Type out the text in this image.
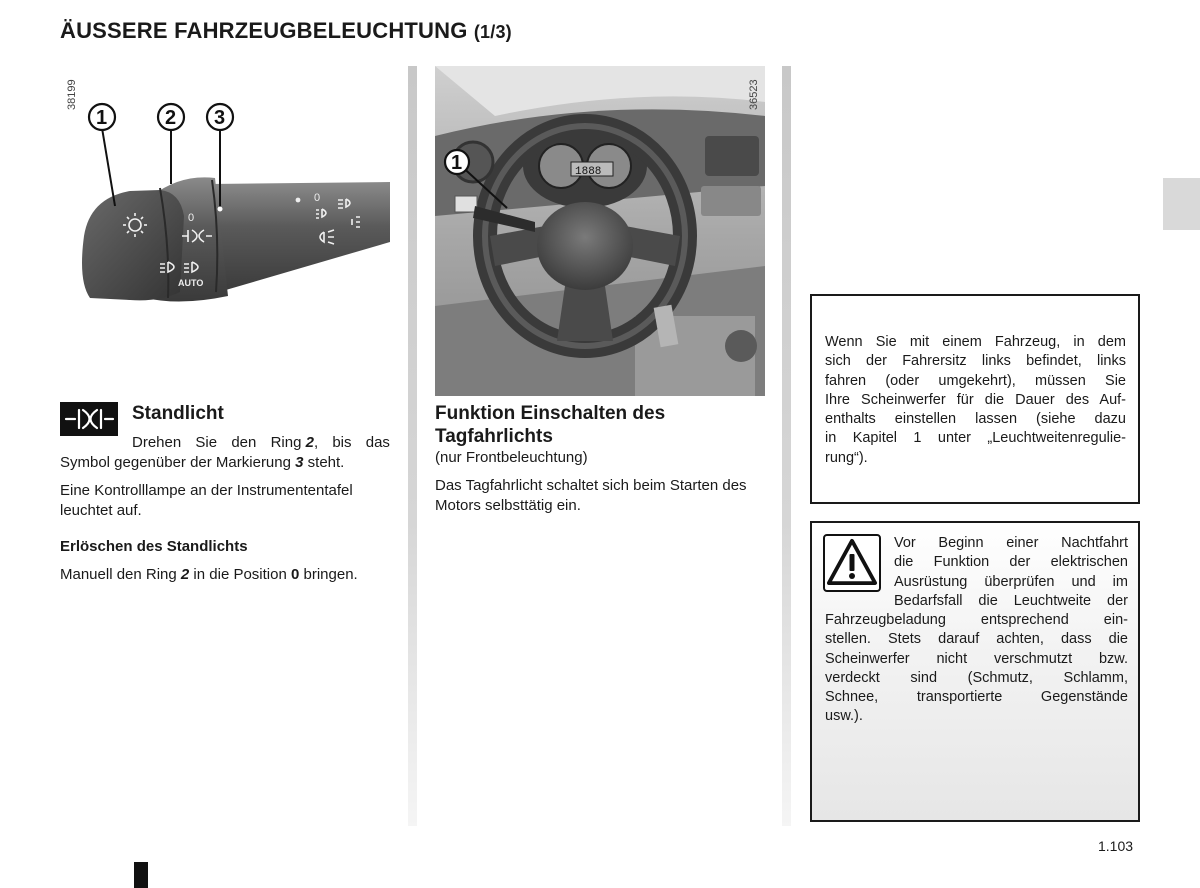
ÄUSSERE FAHRZEUGBELEUCHTUNG (1/3)
38199
0
0
AUTO
1	2 3
1888
1
36523
Standlicht
Drehen Sie den Ring 2, bis das
Symbol gegenüber der Markierung 3 steht.
Eine Kontrolllampe an der Instrumententafel leuchtet auf.
Erlöschen des Standlichts
Manuell den Ring 2 in die Position 0 bringen.
Funktion Einschalten des
Tagfahrlichts
(nur Frontbeleuchtung)
Das Tagfahrlicht schaltet sich beim Starten des Motors selbsttätig ein.
Wenn Sie mit einem Fahrzeug, in dem
sich der Fahrersitz links befindet, links
fahren (oder umgekehrt), müssen Sie
Ihre Scheinwerfer für die Dauer des Auf-
enthalts einstellen lassen (siehe dazu
in Kapitel 1 unter „Leuchtweitenregulie-
rung“).
Vor Beginn einer Nachtfahrt
die Funktion der elektrischen
Ausrüstung überprüfen und im
Bedarfsfall die Leuchtweite der
Fahrzeugbeladung entsprechend ein-
stellen. Stets darauf achten, dass die
Scheinwerfer nicht verschmutzt bzw.
verdeckt sind (Schmutz, Schlamm,
Schnee, transportierte Gegenstände
usw.).
1.103
